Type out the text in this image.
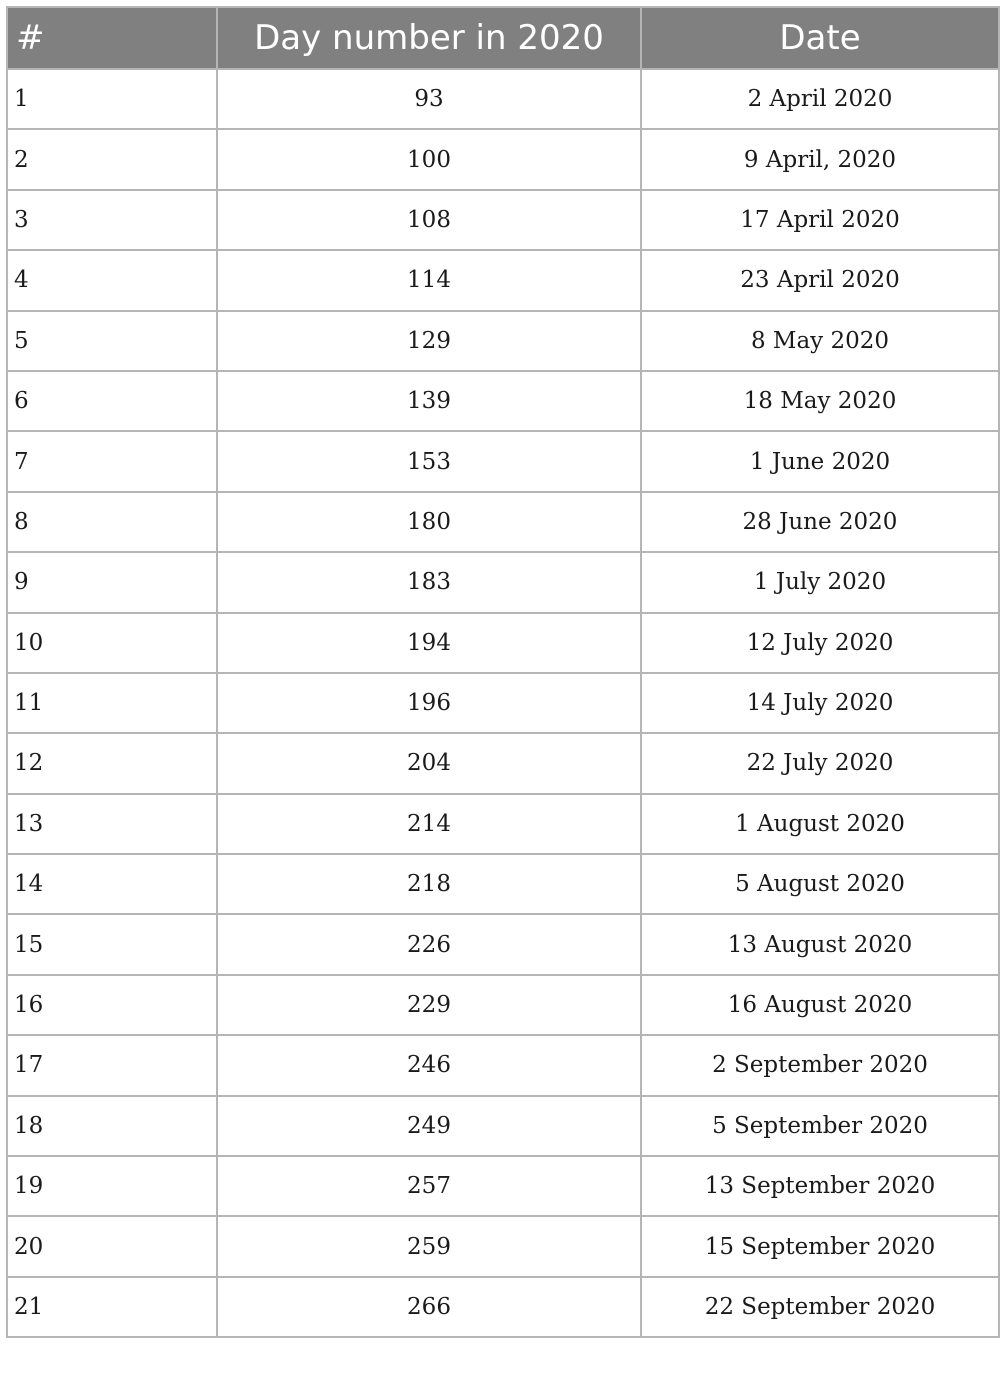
#	Day number in 2020	Date
1	93	2 April 2020
2	100	9 April, 2020
3	108	17 April 2020
4	114	23 April 2020
5	129	8 May 2020
6	139	18 May 2020
7	153	1 June 2020
8	180	28 June 2020
9	183	1 July 2020
10	194	12 July 2020
11	196	14 July 2020
12	204	22 July 2020
13	214	1 August 2020
14	218	5 August 2020
15	226	13 August 2020
16	229	16 August 2020
17	246	2 September 2020
18	249	5 September 2020
19	257	13 September 2020
20	259	15 September 2020
21	266	22 September 2020
